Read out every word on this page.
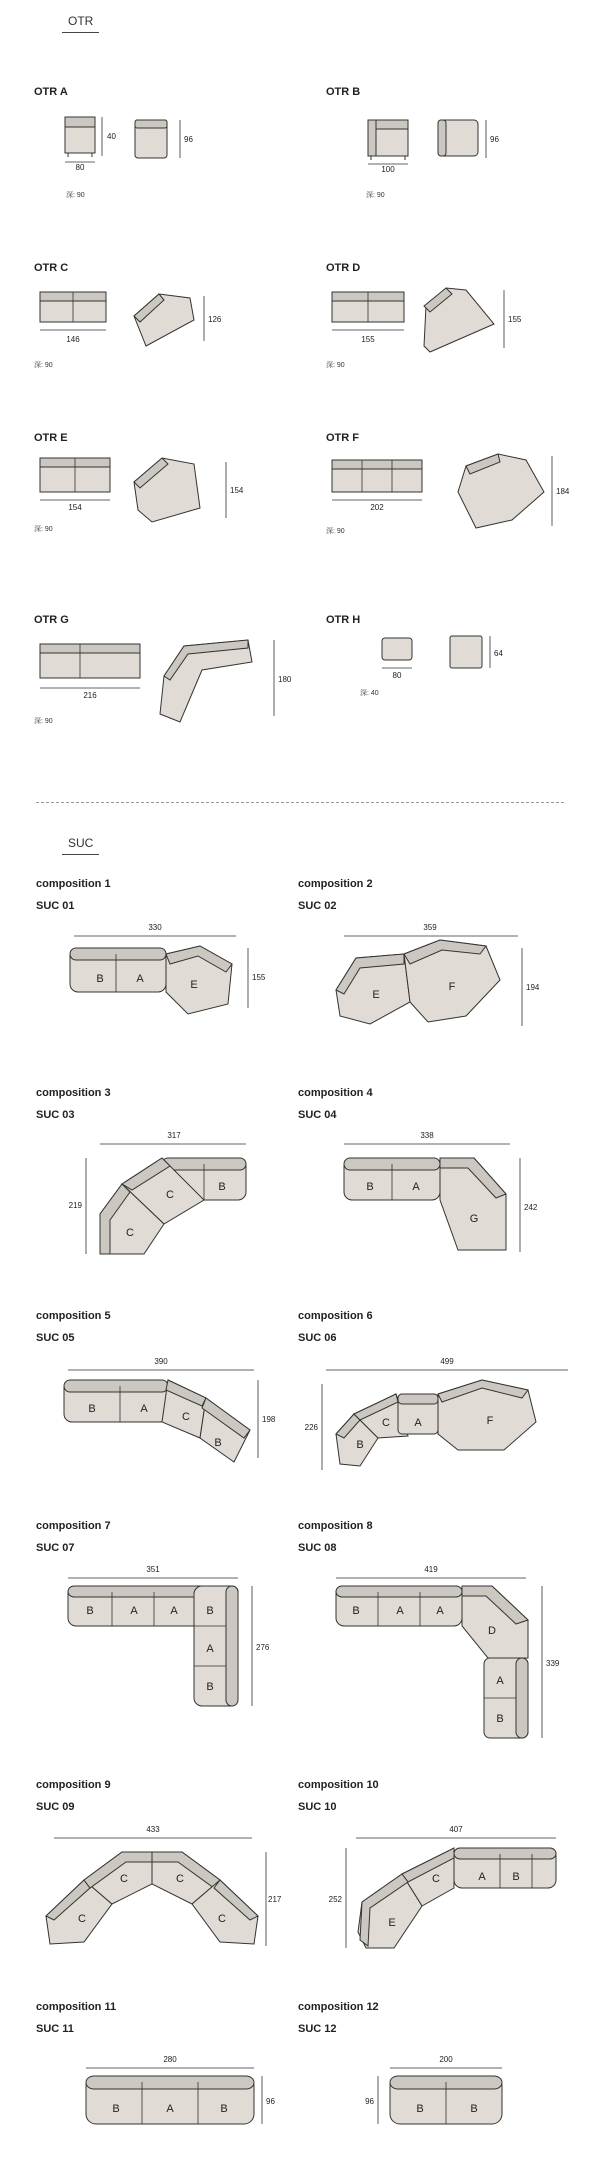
OTR
OTR A
80
40	96
深: 90
OTR B
100
96
深: 90
OTR C
146
126
深: 90
OTR D
155
155
深: 90
OTR E
154
154
深: 90
OTR F
202
184
深: 90
OTR G
216
180
深: 90
OTR H
80
64
深: 40
SUC
composition 1
SUC 01
330
B	A	E
155
composition 2
SUC 02
359
E
F	194
composition 3
SUC 03
317
C
C
B
219
composition 4
SUC 04
338
B	A
G
242
composition 5
SUC 05
390
B	A
C
B
198
composition 6
SUC 06
499
B
C A	F
226
composition 7
SUC 07
351
B	A	A	B
A
B
276
composition 8
SUC 08
419
B	A	A
D
A
B
339
composition 9
SUC 09
433
C
C	C
C
217
composition 10
SUC 10
407
E
C	A B
252
composition 11
SUC 11
280
B	A	B
96
composition 12
SUC 12
200
B	B
96
